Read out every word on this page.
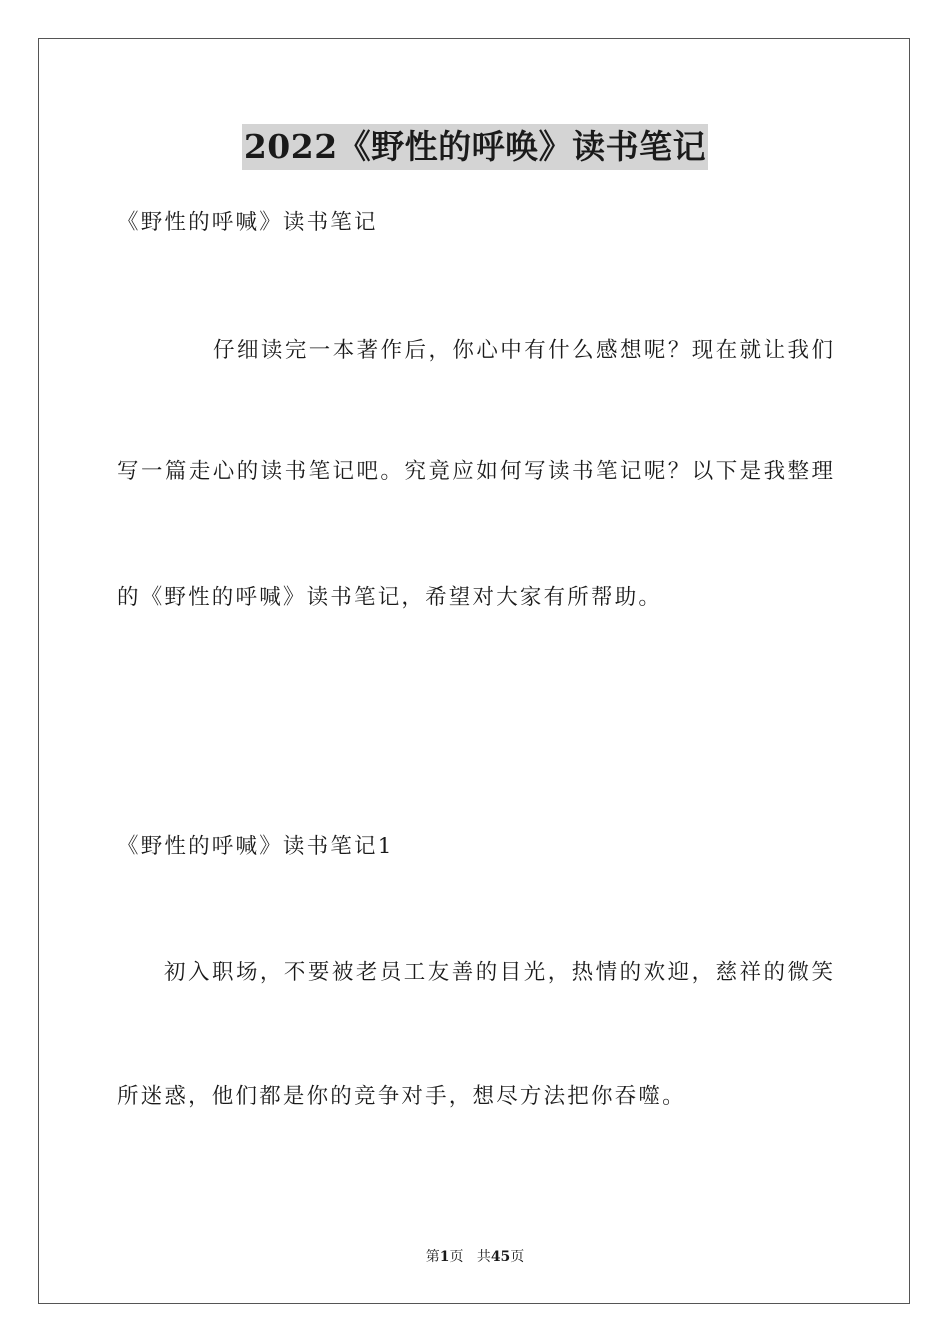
2022《野性的呼唤》读书笔记
《野性的呼喊》读书笔记
仔细读完一本著作后，你心中有什么感想呢？现在就让我们
写一篇走心的读书笔记吧。究竟应如何写读书笔记呢？以下是我整理
的《野性的呼喊》读书笔记，希望对大家有所帮助。
《野性的呼喊》读书笔记1
初入职场，不要被老员工友善的目光，热情的欢迎，慈祥的微笑
所迷惑，他们都是你的竞争对手，想尽方法把你吞噬。
第1页 共45页
